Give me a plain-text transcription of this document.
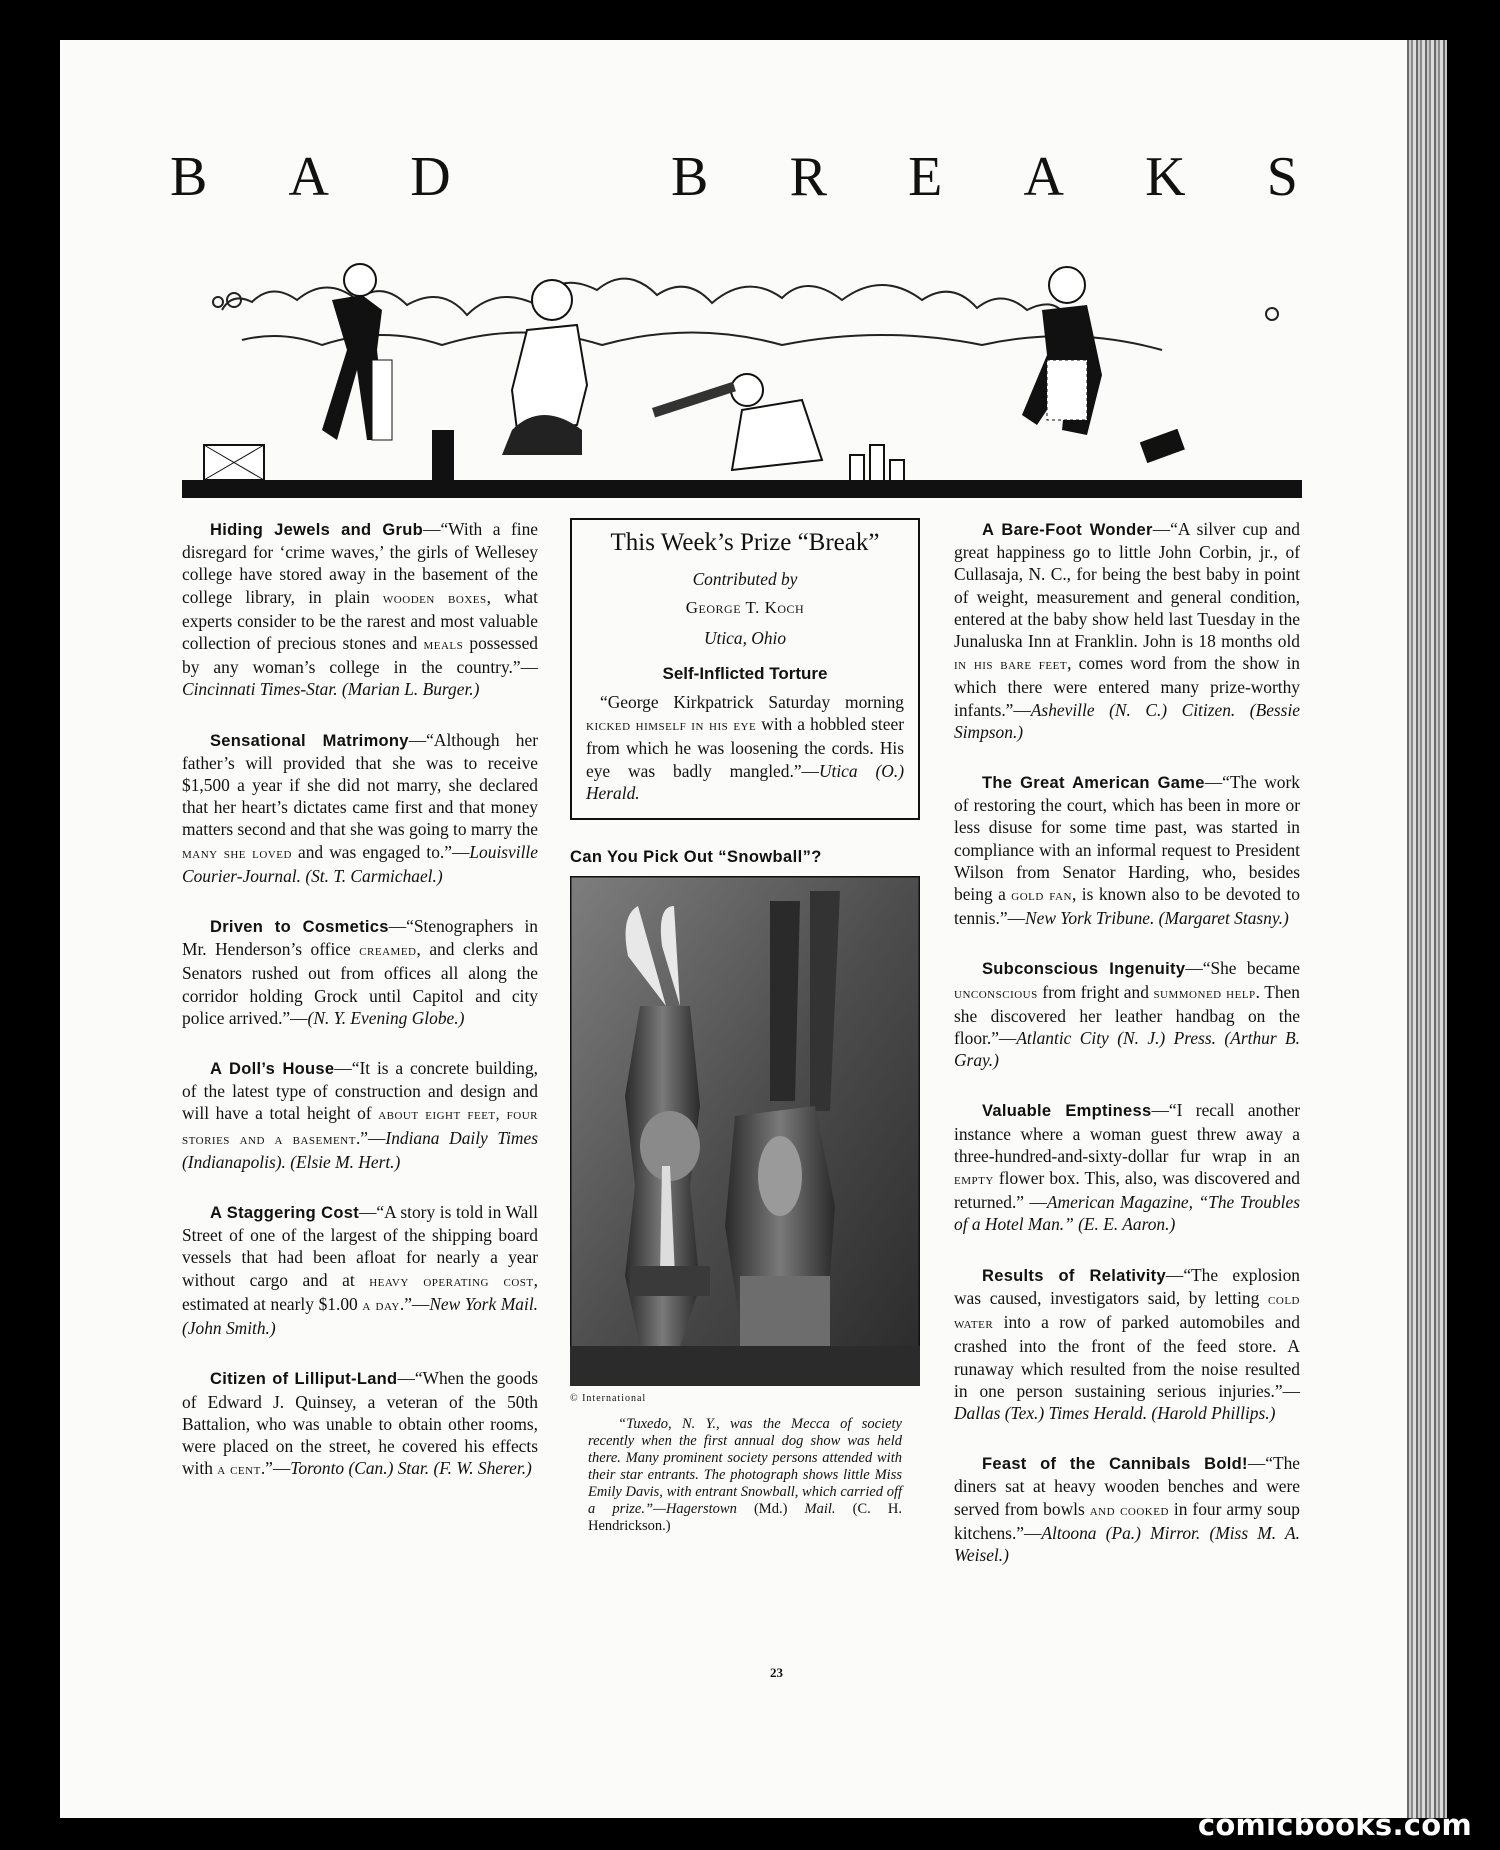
B A D	B R E A K S

Hiding Jewels and Grub—“With a fine disregard for ‘crime waves,’ the girls of Wellesey college have stored away in the basement of the college library, in plain wooden boxes, what experts consider to be the rarest and most valuable collection of precious stones and meals possessed by any woman’s college in the country.”—Cincinnati Times-Star. (Marian L. Burger.)

Sensational Matrimony—“Although her father’s will provided that she was to receive $1,500 a year if she did not marry, she declared that her heart’s dictates came first and that money matters second and that she was going to marry the many she loved and was engaged to.”—Louisville Courier-Journal. (St. T. Carmichael.)

Driven to Cosmetics—“Stenographers in Mr. Henderson’s office creamed, and clerks and Senators rushed out from offices all along the corridor holding Grock until Capitol and city police arrived.”—(N. Y. Evening Globe.)

A Doll’s House—“It is a concrete building, of the latest type of construction and design and will have a total height of about eight feet, four stories and a basement.”—Indiana Daily Times (Indianapolis). (Elsie M. Hert.)

A Staggering Cost—“A story is told in Wall Street of one of the largest of the shipping board vessels that had been afloat for nearly a year without cargo and at heavy operating cost, estimated at nearly $1.00 a day.”—New York Mail. (John Smith.)

Citizen of Lilliput-Land—“When the goods of Edward J. Quinsey, a veteran of the 50th Battalion, who was unable to obtain other rooms, were placed on the street, he covered his effects with a cent.”—Toronto (Can.) Star. (F. W. Sherer.)

This Week’s Prize “Break”
Contributed by
George T. Koch
Utica, Ohio
Self-Inflicted Torture

“George Kirkpatrick Saturday morning kicked himself in his eye with a hobbled steer from which he was loosening the cords. His eye was badly mangled.”—Utica (O.) Herald.

Can You Pick Out “Snowball”?
© International

“Tuxedo, N. Y., was the Mecca of society recently when the first annual dog show was held there. Many prominent society persons attended with their star entrants. The photograph shows little Miss Emily Davis, with entrant Snowball, which carried off a prize.”—Hagerstown (Md.) Mail. (C. H. Hendrickson.)

A Bare-Foot Wonder—“A silver cup and great happiness go to little John Corbin, jr., of Cullasaja, N. C., for being the best baby in point of weight, measurement and general condition, entered at the baby show held last Tuesday in the Junaluska Inn at Franklin. John is 18 months old in his bare feet, comes word from the show in which there were entered many prize-worthy infants.”—Asheville (N. C.) Citizen. (Bessie Simpson.)

The Great American Game—“The work of restoring the court, which has been in more or less disuse for some time past, was started in compliance with an informal request to President Wilson from Senator Harding, who, besides being a gold fan, is known also to be devoted to tennis.”—New York Tribune. (Margaret Stasny.)

Subconscious Ingenuity—“She became unconscious from fright and summoned help. Then she discovered her leather handbag on the floor.”—Atlantic City (N. J.) Press. (Arthur B. Gray.)

Valuable Emptiness—“I recall another instance where a woman guest threw away a three-hundred-and-sixty-dollar fur wrap in an empty flower box. This, also, was discovered and returned.” —American Magazine, “The Troubles of a Hotel Man.” (E. E. Aaron.)

Results of Relativity—“The explosion was caused, investigators said, by letting cold water into a row of parked automobiles and crashed into the front of the feed store. A runaway which resulted from the noise resulted in one person sustaining serious injuries.”—Dallas (Tex.) Times Herald. (Harold Phillips.)

Feast of the Cannibals Bold!—“The diners sat at heavy wooden benches and were served from bowls and cooked in four army soup kitchens.”—Altoona (Pa.) Mirror. (Miss M. A. Weisel.)

23
comicbooks.com
